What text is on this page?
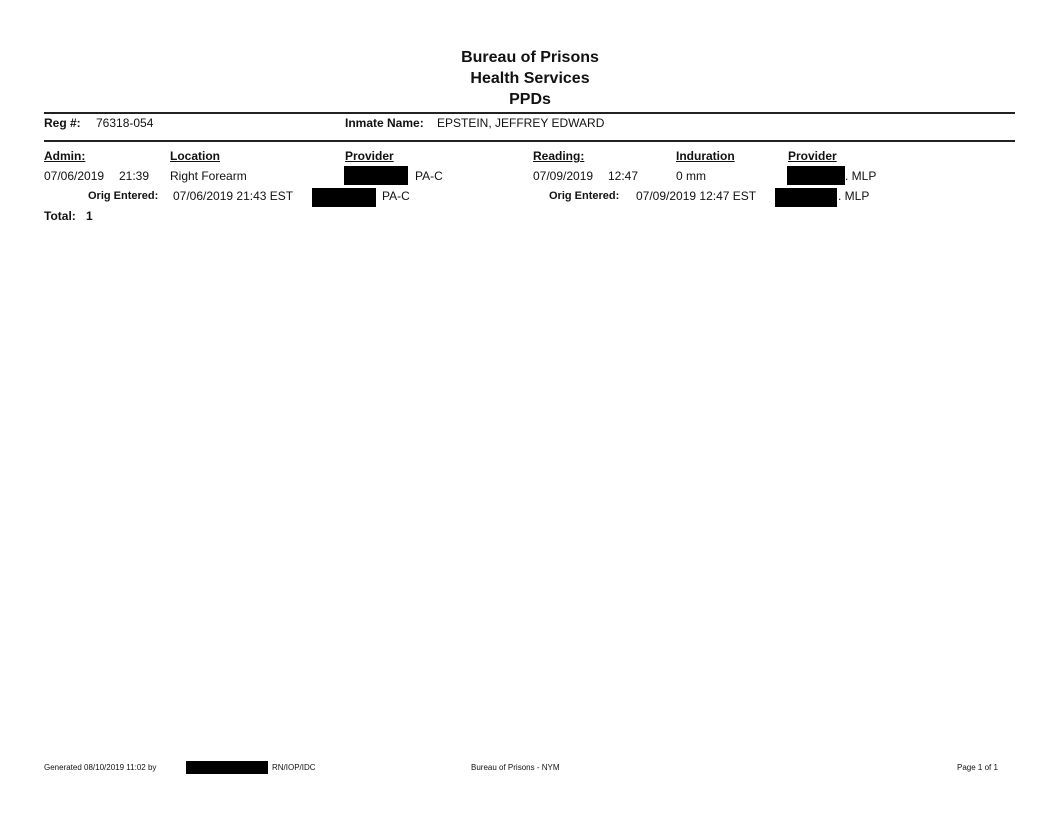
Bureau of Prisons
Health Services
PPDs
Reg #: 76318-054	Inmate Name: EPSTEIN, JEFFREY EDWARD
Admin:	Location	Provider	Reading:	Induration	Provider
07/06/2019 21:39 Right Forearm	PA-C	07/09/2019 12:47	0 mm	. MLP
Orig Entered: 07/06/2019 21:43 EST	PA-C	Orig Entered: 07/09/2019 12:47 EST	. MLP
Total: 1
Generated 08/10/2019 11:02 by	RN/IOP/IDC	Bureau of Prisons - NYM	Page 1 of 1
